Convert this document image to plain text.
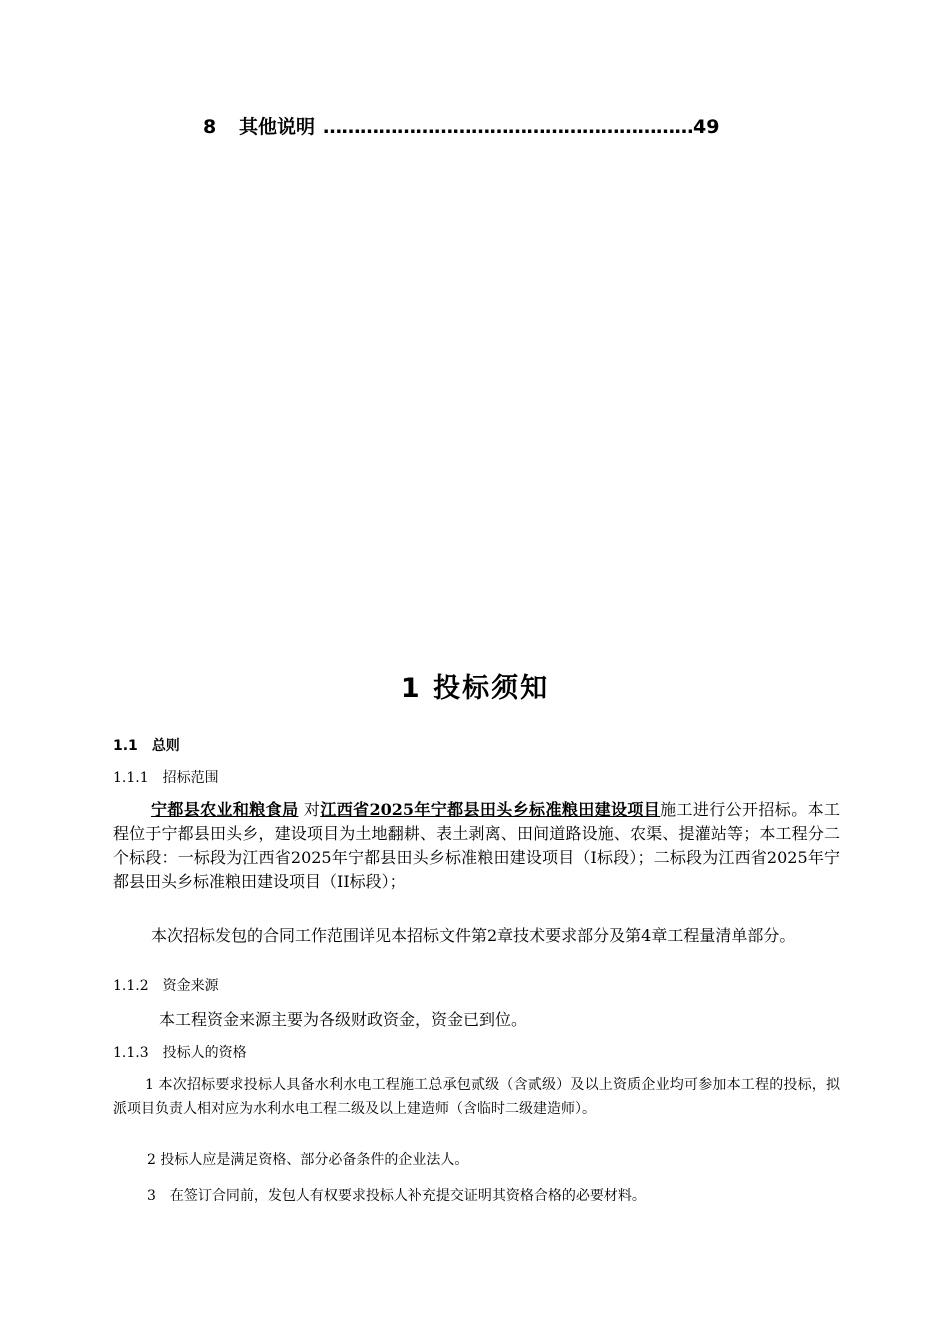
8 其他说明 ……………………………………………………49
1 投标须知
1.1 总则
1.1.1 招标范围
宁都县农业和粮食局 对江西省2025年宁都县田头乡标准粮田建设项目施工进行公开招标。本工程位于宁都县田头乡，建设项目为土地翻耕、表土剥离、田间道路设施、农渠、提灌站等；本工程分二个标段：一标段为江西省2025年宁都县田头乡标准粮田建设项目（I标段）；二标段为江西省2025年宁都县田头乡标准粮田建设项目（II标段）；
本次招标发包的合同工作范围详见本招标文件第2章技术要求部分及第4章工程量清单部分。
1.1.2 资金来源
本工程资金来源主要为各级财政资金，资金已到位。
1.1.3 投标人的资格
1 本次招标要求投标人具备水利水电工程施工总承包贰级（含贰级）及以上资质企业均可参加本工程的投标，拟派项目负责人相对应为水利水电工程二级及以上建造师（含临时二级建造师）。
2 投标人应是满足资格、部分必备条件的企业法人。
3　在签订合同前，发包人有权要求投标人补充提交证明其资格合格的必要材料。
